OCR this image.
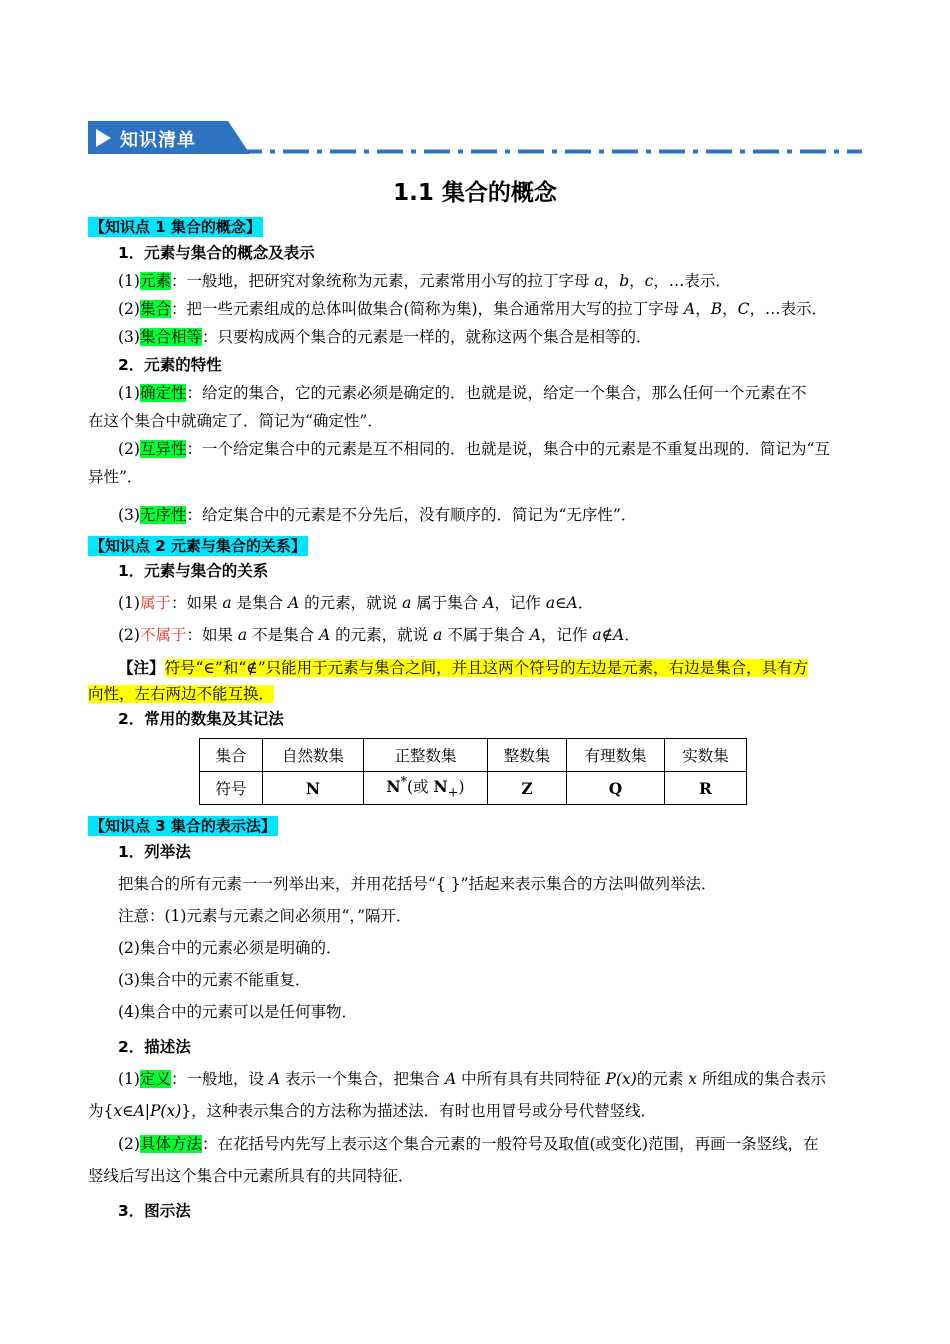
知识清单
1.1 集合的概念
【知识点 1 集合的概念】
1．元素与集合的概念及表示
(1)元素：一般地，把研究对象统称为元素，元素常用小写的拉丁字母 a，b，c，…表示．
(2)集合：把一些元素组成的总体叫做集合(简称为集)，集合通常用大写的拉丁字母 A，B，C，…表示．
(3)集合相等：只要构成两个集合的元素是一样的，就称这两个集合是相等的．
2．元素的特性
(1)确定性：给定的集合，它的元素必须是确定的．也就是说，给定一个集合，那么任何一个元素在不
在这个集合中就确定了．简记为“确定性”．
(2)互异性：一个给定集合中的元素是互不相同的．也就是说，集合中的元素是不重复出现的．简记为“互
异性”．
(3)无序性：给定集合中的元素是不分先后，没有顺序的．简记为“无序性”．
【知识点 2 元素与集合的关系】
1．元素与集合的关系
(1)属于：如果 a 是集合 A 的元素，就说 a 属于集合 A，记作 a∈A．
(2)不属于：如果 a 不是集合 A 的元素，就说 a 不属于集合 A，记作 a∉A．
【注】符号“∈”和“∉”只能用于元素与集合之间，并且这两个符号的左边是元素，右边是集合，具有方
向性，左右两边不能互换．
2．常用的数集及其记法
集合	自然数集	正整数集	整数集	有理数集	实数集
符号	N	N*(或 $N_+$)	Z	Q	R
【知识点 3 集合的表示法】
1．列举法
把集合的所有元素一一列举出来，并用花括号“{ }”括起来表示集合的方法叫做列举法．
注意：(1)元素与元素之间必须用“，”隔开．
(2)集合中的元素必须是明确的．
(3)集合中的元素不能重复．
(4)集合中的元素可以是任何事物．
2．描述法
(1)定义：一般地，设 A 表示一个集合，把集合 A 中所有具有共同特征 P(x)的元素 x 所组成的集合表示
为{x∈A|P(x)}，这种表示集合的方法称为描述法．有时也用冒号或分号代替竖线．
(2)具体方法：在花括号内先写上表示这个集合元素的一般符号及取值(或变化)范围，再画一条竖线，在
竖线后写出这个集合中元素所具有的共同特征．
3．图示法
